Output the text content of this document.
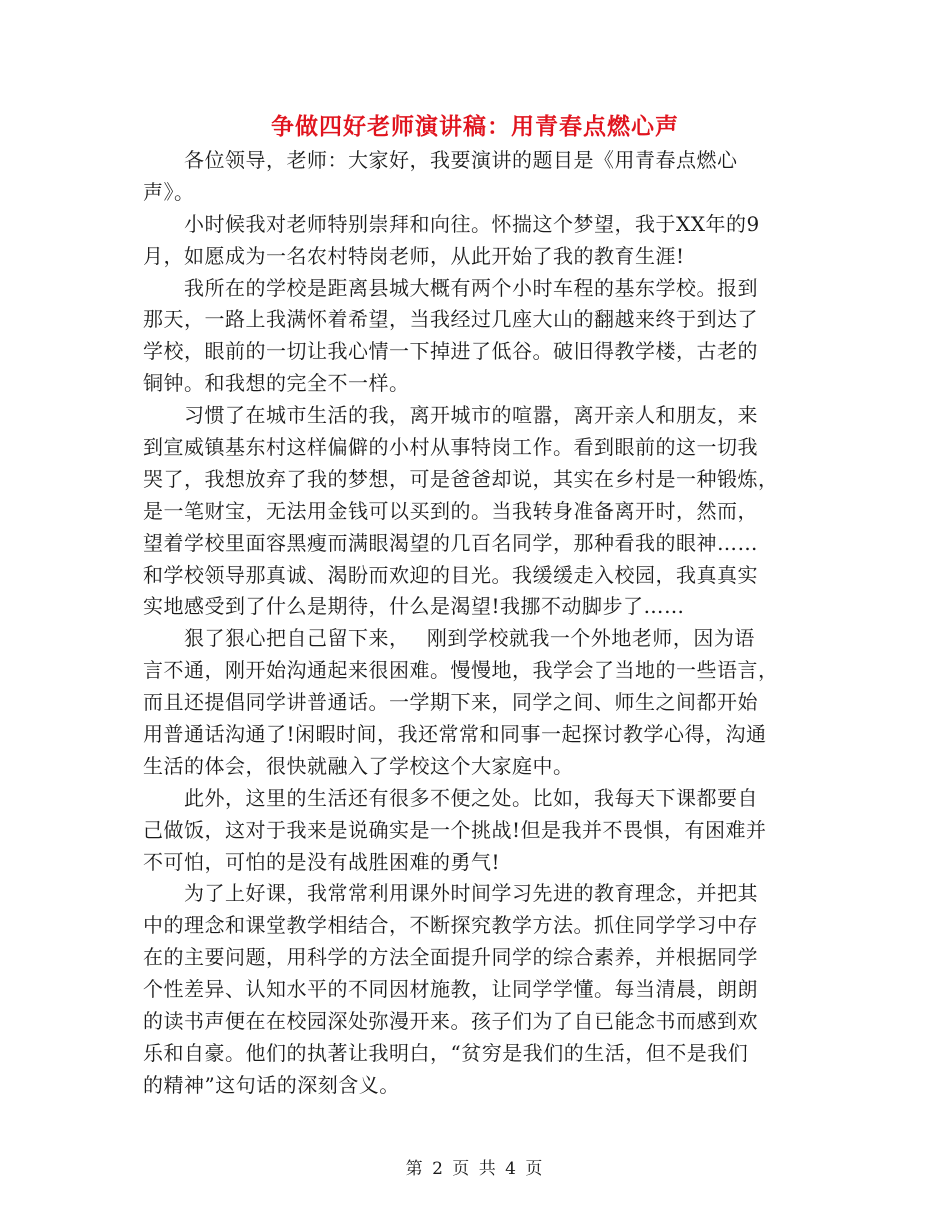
争做四好老师演讲稿：用青春点燃心声
　　各位领导，老师：大家好，我要演讲的题目是《用青春点燃心
声》。
　　小时候我对老师特别崇拜和向往。怀揣这个梦望，我于XX年的9
月，如愿成为一名农村特岗老师，从此开始了我的教育生涯!
　　我所在的学校是距离县城大概有两个小时车程的基东学校。报到
那天，一路上我满怀着希望，当我经过几座大山的翻越来终于到达了
学校，眼前的一切让我心情一下掉进了低谷。破旧得教学楼，古老的
铜钟。和我想的完全不一样。
　　习惯了在城市生活的我，离开城市的喧嚣，离开亲人和朋友，来
到宣威镇基东村这样偏僻的小村从事特岗工作。看到眼前的这一切我
哭了，我想放弃了我的梦想，可是爸爸却说，其实在乡村是一种锻炼，
是一笔财宝，无法用金钱可以买到的。当我转身准备离开时，然而，
望着学校里面容黑瘦而满眼渴望的几百名同学，那种看我的眼神……
和学校领导那真诚、渴盼而欢迎的目光。我缓缓走入校园，我真真实
实地感受到了什么是期待，什么是渴望!我挪不动脚步了……
　　狠了狠心把自己留下来，　 刚到学校就我一个外地老师，因为语
言不通，刚开始沟通起来很困难。慢慢地，我学会了当地的一些语言，
而且还提倡同学讲普通话。一学期下来，同学之间、师生之间都开始
用普通话沟通了!闲暇时间，我还常常和同事一起探讨教学心得，沟通
生活的体会，很快就融入了学校这个大家庭中。
　　此外，这里的生活还有很多不便之处。比如，我每天下课都要自
己做饭，这对于我来是说确实是一个挑战!但是我并不畏惧，有困难并
不可怕，可怕的是没有战胜困难的勇气!
　　为了上好课，我常常利用课外时间学习先进的教育理念，并把其
中的理念和课堂教学相结合，不断探究教学方法。抓住同学学习中存
在的主要问题，用科学的方法全面提升同学的综合素养，并根据同学
个性差异、认知水平的不同因材施教，让同学学懂。每当清晨，朗朗
的读书声便在在校园深处弥漫开来。孩子们为了自已能念书而感到欢
乐和自豪。他们的执著让我明白，“贫穷是我们的生活，但不是我们
的精神”这句话的深刻含义。
第 2 页 共 4 页
